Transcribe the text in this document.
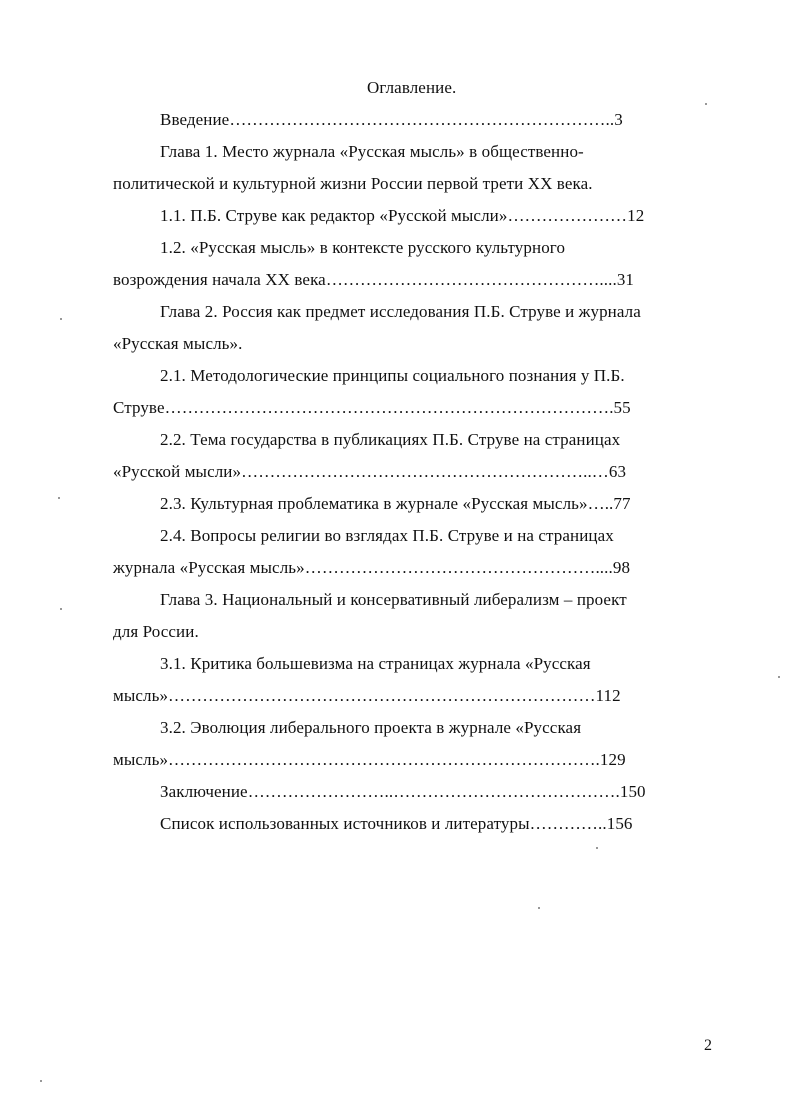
Оглавление.
Введение…………………………………………………………..3
Глава 1. Место журнала «Русская мысль» в общественно-
политической и культурной жизни России первой трети XX века.
1.1. П.Б. Струве как редактор «Русской мысли»…………………12
1.2. «Русская мысль» в контексте русского культурного
возрождения начала XX века…………………………………………....31
Глава 2. Россия как предмет исследования П.Б. Струве и журнала
«Русская мысль».
2.1. Методологические принципы социального познания у П.Б.
Струве…………………………………………………………………….55
2.2. Тема государства в публикациях П.Б. Струве на страницах
«Русской мысли»……………………………………………………..…63
2.3. Культурная проблематика в журнале «Русская мысль»…..77
2.4. Вопросы религии во взглядах П.Б. Струве и на страницах
журнала «Русская мысль»……………………………………………....98
Глава 3. Национальный и консервативный либерализм – проект
для России.
3.1. Критика большевизма на страницах журнала «Русская
мысль»…………………………………………………………………112
3.2. Эволюция либерального проекта в журнале «Русская
мысль»………………………………………………………………….129
Заключение……………………..………………………………….150
Список использованных источников и литературы…………..156
2
